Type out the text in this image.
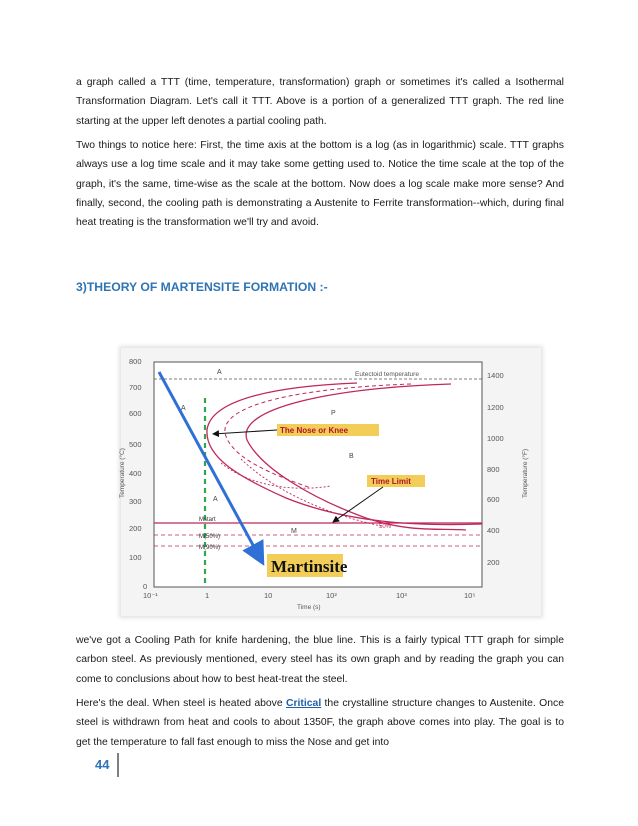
a graph called a TTT (time, temperature, transformation) graph or sometimes it's called a Isothermal Transformation Diagram. Let's call it TTT. Above is a portion of a generalized TTT graph. The red line starting at the upper left denotes a partial cooling path.

Two things to notice here: First, the time axis at the bottom is a log (as in logarithmic) scale. TTT graphs always use a log time scale and it may take some getting used to. Notice the time scale at the top of the graph, it's the same, time-wise as the scale at the bottom. Now does a log scale make more sense? And finally, second, the cooling path is demonstrating a Austenite to Ferrite transformation--which, during final heat treating is the transformation we'll try and avoid.

3)THEORY OF MARTENSITE FORMATION :-
800
700
600
500
400
300
200
100
0
Temperature (°C)
1400
1200
1000
800
600
400
200
Temperature (°F)
10⁻¹	1	10	10²	10³	10⁵
Time (s)
Eutectoid temperature
A
A
A
P
B
M
50%
Mstart
M(50%)
M(90%)
The Nose or Knee
Time Limit
Martinsite

we've got a Cooling Path for knife hardening, the blue line. This is a fairly typical TTT graph for simple carbon steel. As previously mentioned, every steel has its own graph and by reading the graph you can come to conclusions about how to best heat-treat the steel.

Here's the deal. When steel is heated above Critical the crystalline structure changes to Austenite. Once steel is withdrawn from heat and cools to about 1350F, the graph above comes into play. The goal is to get the temperature to fall fast enough to miss the Nose and get into

44
